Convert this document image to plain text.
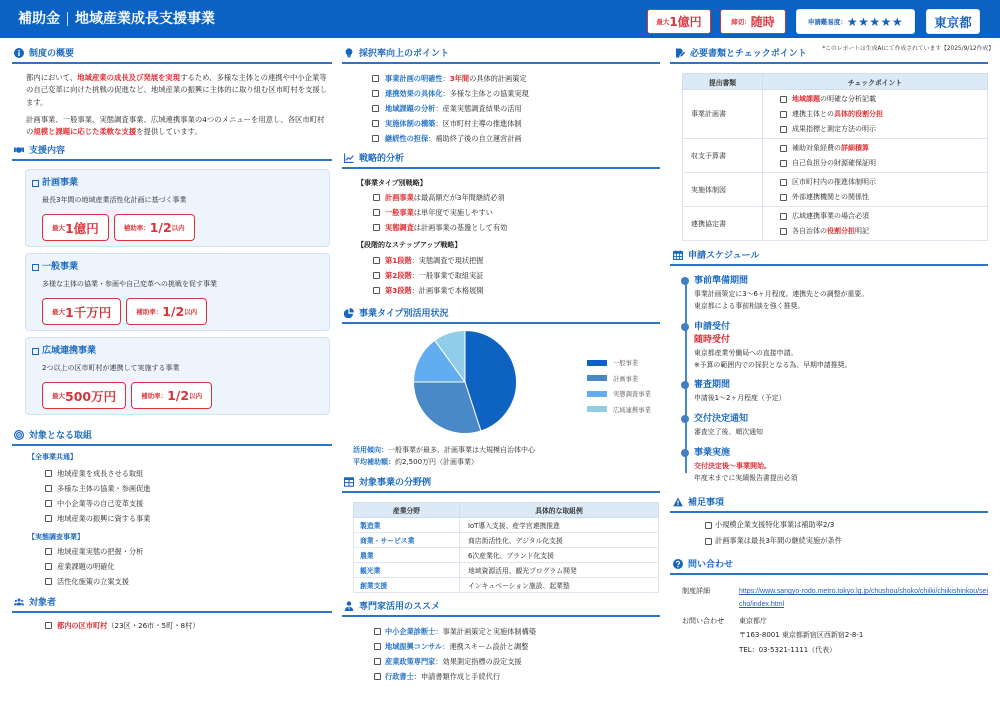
補助金 地域産業成長支援事業	最大 1億円	締切： 随時	申請難易度： ★★★★★ 東京都
*このレポートは生成AIにて作成されています【2025/9/12作成】
制度の概要

都内において、地域産業の成長及び発展を実現するため、多様な主体との連携や中小企業等の自己変革に向けた挑戦の促進など、地域産業の振興に主体的に取り組む区市町村を支援します。

計画事業、一般事業、実態調査事業、広域連携事業の4つのメニューを用意し、各区市町村の規模と課題に応じた柔軟な支援を提供しています。

支援内容
計画事業
最長3年間の地域産業活性化計画に基づく事業
最大 1億円	補助率： 1/2 以内
一般事業
多様な主体の協業・参画や自己変革への挑戦を促す事業
最大 1千万円	補助率： 1/2 以内
広域連携事業
2つ以上の区市町村が連携して実施する事業
最大 500万円	補助率： 1/2 以内
対象となる取組
【全事業共通】
地域産業を成長させる取組
多様な主体の協業・参画促進
中小企業等の自己変革支援
地域産業の振興に資する事業
【実態調査事業】
地域産業実態の把握・分析
産業課題の明確化
活性化施策の立案支援
対象者
都内の区市町村（23区・26市・5町・8村）
採択率向上のポイント
事業計画の明確性：3年間の具体的計画策定
連携効果の具体化：多様な主体との協業実現
地域課題の分析：産業実態調査結果の活用
実施体制の構築：区市町村主導の推進体制
継続性の担保：補助終了後の自立運営計画
戦略的分析
【事業タイプ別戦略】
計画事業は最高額だが3年間継続必須
一般事業は単年度で実施しやすい
実態調査は計画事業の基盤として有効
【段階的なステップアップ戦略】
第1段階：実態調査で現状把握
第2段階：一般事業で取組実証
第3段階：計画事業で本格展開
事業タイプ別活用状況
一般事業
計画事業
実態調査事業
広域連携事業
活用傾向：一般事業が最多、計画事業は大規模自治体中心
平均補助額：約2,500万円（計画事業）
対象事業の分野例
産業分野	具体的な取組例
製造業	IoT導入支援、産学官連携推進
商業・サービス業	商店街活性化、デジタル化支援
農業	6次産業化、ブランド化支援
観光業	地域資源活用、観光プログラム開発
創業支援	インキュベーション施設、起業塾
専門家活用のススメ
中小企業診断士：事業計画策定と実施体制構築
地域振興コンサル：連携スキーム設計と調整
産業政策専門家：効果測定指標の設定支援
行政書士：申請書類作成と手続代行
必要書類とチェックポイント
提出書類	チェックポイント
事業計画書	地域課題の明確な分析記載
連携主体との具体的役割分担
成果指標と測定方法の明示

収支予算書	補助対象経費の詳細積算
自己負担分の財源確保証明

実施体制図	区市町村内の推進体制明示
外部連携機関との関係性

連携協定書	広域連携事業の場合必須
各自治体の役割分担明記
申請スケジュール
事前準備期間
事業計画策定に3〜6ヶ月程度。連携先との調整が重要。
東京都による事前相談を強く推奨。
申請受付
随時受付
東京都産業労働局への直接申請。
※予算の範囲内での採択となる為、早期申請推奨。
審査期間
申請後1〜2ヶ月程度（予定）
交付決定通知
審査完了後、順次通知
事業実施
交付決定後〜事業開始。
年度末までに実績報告書提出必須
補足事項
小規模企業支援特化事業は補助率2/3
計画事業は最長3年間の継続実施が条件
問い合わせ
制度詳細	https://www.sangyo-rodo.metro.tokyo.lg.jp/chushou/shoko/chiiki/chiikishinkou/seicho/index.html
お問い合わせ	東京都庁
〒163-8001 東京都新宿区西新宿2-8-1
TEL：03-5321-1111（代表）
